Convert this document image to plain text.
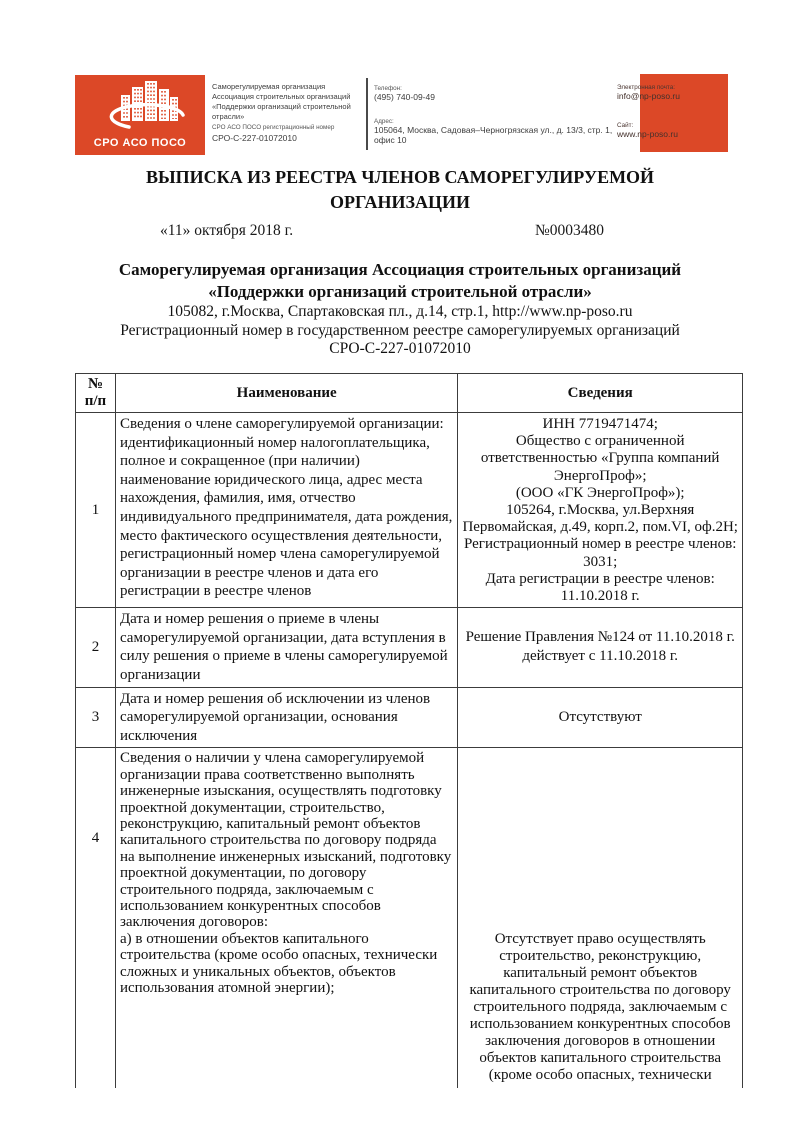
СРО АСО ПОСО
Саморегулируемая организация
Ассоциация строительных организаций
«Поддержки организаций строительной отрасли»
СРО АСО ПОСО регистрационный номер
СРО-С-227-01072010
Телефон:
(495) 740-09-49
Адрес:
105064, Москва, Садовая–Черногрязская ул., д. 13/3, стр. 1, офис 10
Электронная почта:
info@np-poso.ru
Сайт:
www.np-poso.ru
ВЫПИСКА ИЗ РЕЕСТРА ЧЛЕНОВ САМОРЕГУЛИРУЕМОЙ
ОРГАНИЗАЦИИ
«11» октября 2018 г.	№0003480
Саморегулируемая организация Ассоциация строительных организаций
«Поддержки организаций строительной отрасли»
105082, г.Москва, Спартаковская пл., д.14, стр.1, http://www.np-poso.ru
Регистрационный номер в государственном реестре саморегулируемых организаций
СРО-С-227-01072010
№
п/п	Наименование	Сведения
1	Сведения о члене саморегулируемой организации: идентификационный номер налогоплательщика, полное и сокращенное (при наличии) наименование юридического лица, адрес места нахождения, фамилия, имя, отчество индивидуального предпринимателя, дата рождения, место фактического осуществления деятельности, регистрационный номер члена саморегулируемой организации в реестре членов и дата его регистрации в реестре членов	ИНН 7719471474;
Общество с ограниченной ответственностью «Группа компаний ЭнергоПроф»;
(ООО «ГК ЭнергоПроф»);
105264, г.Москва, ул.Верхняя Первомайская, д.49, корп.2, пом.VI, оф.2Н;
Регистрационный номер в реестре членов: 3031;
Дата регистрации в реестре членов: 11.10.2018 г.
2	Дата и номер решения о приеме в члены саморегулируемой организации, дата вступления в силу решения о приеме в члены саморегулируемой организации	Решение Правления №124 от 11.10.2018 г.
действует с 11.10.2018 г.
3	Дата и номер решения об исключении из членов саморегулируемой организации, основания исключения	Отсутствуют
4	Сведения о наличии у члена саморегулируемой организации права соответственно выполнять инженерные изыскания, осуществлять подготовку проектной документации, строительство, реконструкцию, капитальный ремонт объектов капитального строительства по договору подряда на выполнение инженерных изысканий, подготовку проектной документации, по договору строительного подряда, заключаемым с использованием конкурентных способов заключения договоров:
а) в отношении объектов капитального строительства (кроме особо опасных, технически сложных и уникальных объектов, объектов использования атомной энергии);	Отсутствует право осуществлять строительство, реконструкцию, капитальный ремонт объектов капитального строительства по договору строительного подряда, заключаемым с использованием конкурентных способов заключения договоров в отношении объектов капитального строительства (кроме особо опасных, технически
